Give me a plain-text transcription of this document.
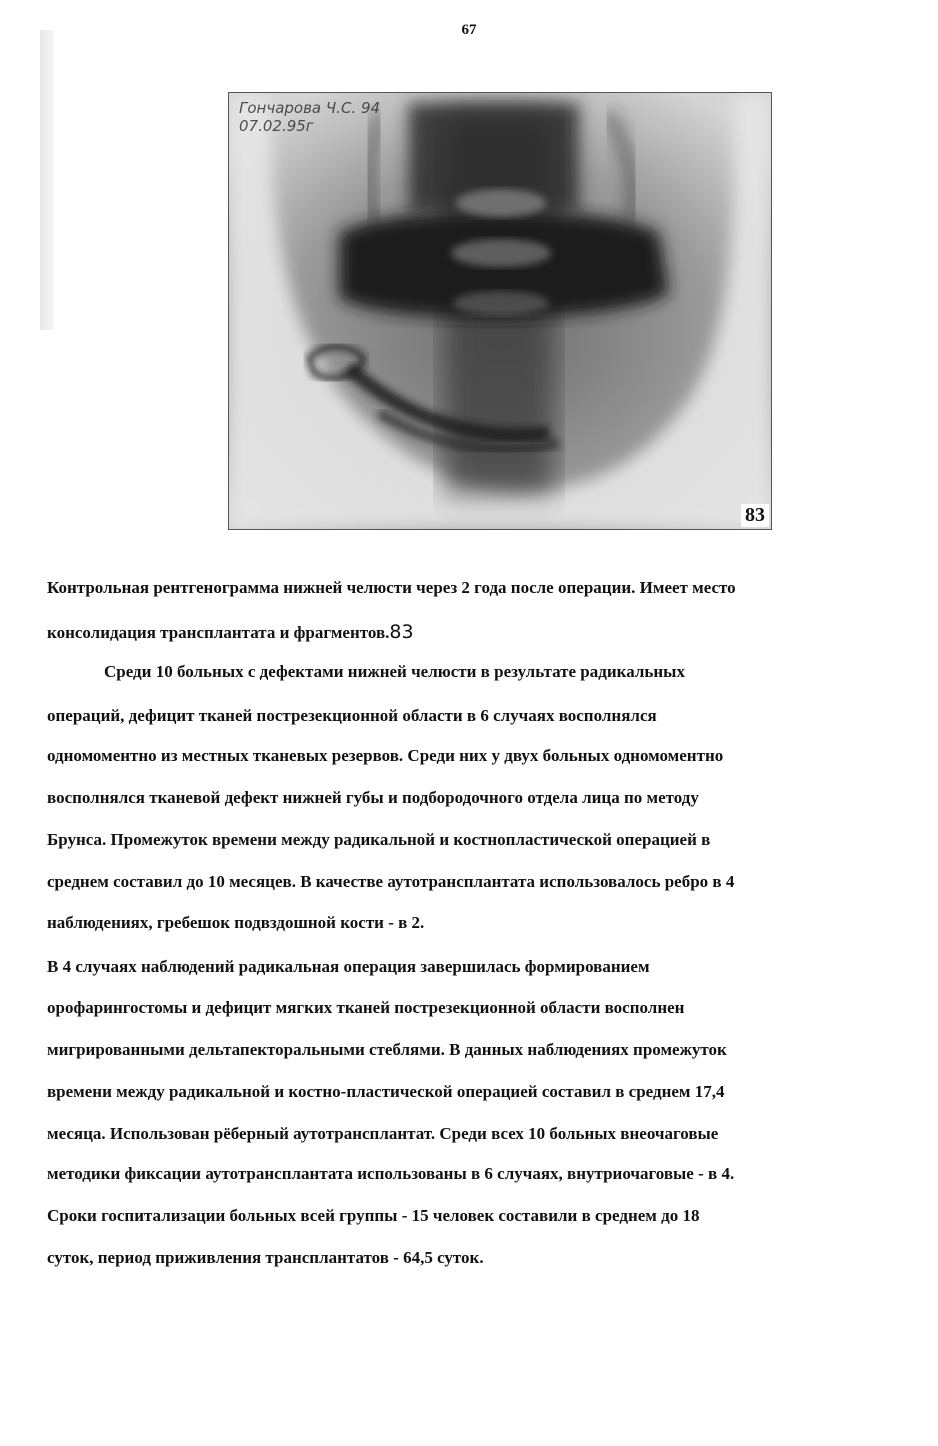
67
Гончарова Ч.С. 94
07.02.95г
83
Контрольная рентгенограмма нижней челюсти через 2 года после операции. Имеет место
консолидация трансплантата и фрагментов.83
Среди 10 больных с дефектами нижней челюсти в результате радикальных
операций, дефицит тканей пострезекционной области в 6 случаях восполнялся
одномоментно из местных тканевых резервов. Среди них у двух больных одномоментно
восполнялся тканевой дефект нижней губы и подбородочного отдела лица по методу
Брунса. Промежуток времени между радикальной и костнопластической операцией в
среднем составил до 10 месяцев. В качестве аутотрансплантата использовалось ребро в 4
наблюдениях, гребешок подвздошной кости - в 2.
В 4 случаях наблюдений радикальная операция завершилась формированием
орофарингостомы и дефицит мягких тканей пострезекционной области восполнен
мигрированными дельтапекторальными стеблями. В данных наблюдениях промежуток
времени между радикальной и костно-пластической операцией составил в среднем 17,4
месяца. Использован рёберный аутотрансплантат. Среди всех 10 больных внеочаговые
методики фиксации аутотрансплантата использованы в 6 случаях, внутриочаговые - в 4.
Сроки госпитализации больных всей группы - 15 человек составили в среднем до 18
суток, период приживления трансплантатов - 64,5 суток.
